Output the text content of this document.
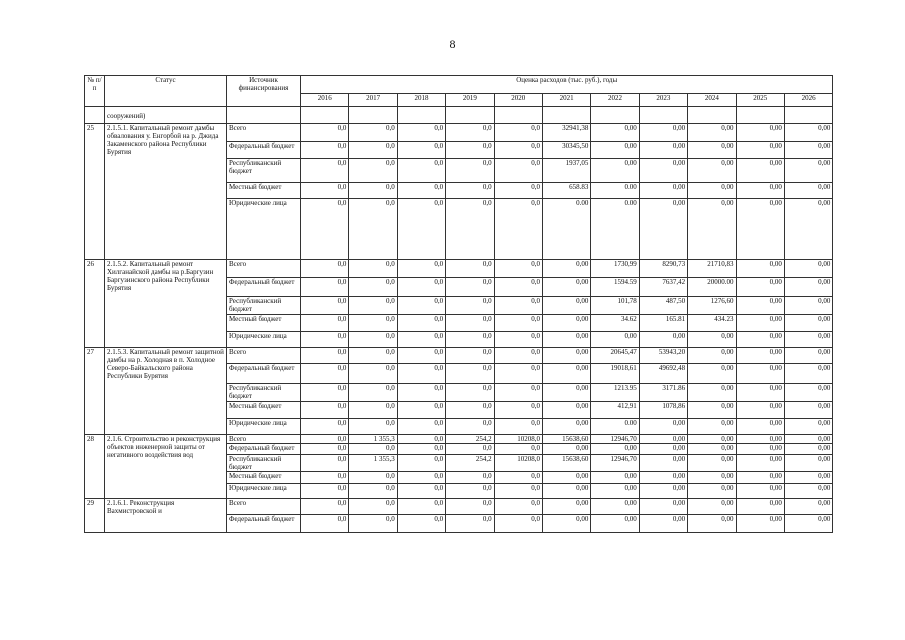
8
№ п/п	Статус	Источник финансирования	Оценка расходов (тыс. руб.), годы										
			2016	2017	2018	2019	2020	2021	2022	2023	2024	2025	2026
	сооружений)												
25	2.1.5.1. Капитальный ремонт дамбы обвалования у. Енгорбой на р. Джида Закаменского района Республики Бурятия	Всего	0,0	0,0	0,0	0,0	0,0	32941,38	0,00	0,00	0,00	0,00	0,00
		Федеральный бюджет	0,0	0,0	0,0	0,0	0,0	30345,50	0,00	0,00	0,00	0,00	0,00
		Республиканский бюджет	0,0	0,0	0,0	0,0	0,0	1937,05	0,00	0,00	0,00	0,00	0,00
		Местный бюджет	0,0	0,0	0,0	0,0	0,0	658.83	0.00	0,00	0,00	0,00	0,00
		Юридические лица	0,0	0,0	0,0	0,0	0,0	0.00	0.00	0,00	0,00	0,00	0,00
26	2.1.5.2. Капитальный ремонт Хилганайской дамбы на р.Баргузин Баргузинского района Республики Бурятия	Всего	0,0	0,0	0,0	0,0	0,0	0,00	1730,99	8290,73	21710,83	0,00	0,00
		Федеральный бюджет	0,0	0,0	0,0	0,0	0,0	0,00	1594.59	7637,42	20000.00	0,00	0,00
		Республиканский бюджет	0,0	0,0	0,0	0,0	0,0	0,00	101,78	487,50	1276,60	0,00	0,00
		Местный бюджет	0,0	0,0	0,0	0,0	0,0	0,00	34.62	165.81	434.23	0,00	0,00
		Юридические лица	0,0	0,0	0,0	0,0	0,0	0,00	0,00	0,00	0,00	0,00	0,00
27	2.1.5.3. Капитальный ремонт защитной дамбы на р. Холодная в п. Холодное Северо-Байкальского района Республики Бурятия	Всего	0,0	0,0	0,0	0,0	0,0	0,00	20645,47	53943,20	0,00	0,00	0,00
		Федеральный бюджет	0,0	0,0	0,0	0,0	0,0	0,00	19018,61	49692,48	0,00	0,00	0,00
		Республиканский бюджет	0,0	0,0	0,0	0,0	0,0	0,00	1213.95	3171.86	0,00	0,00	0,00
		Местный бюджет	0,0	0,0	0,0	0,0	0,0	0,00	412,91	1078,86	0,00	0,00	0,00
		Юридические лица	0,0	0,0	0,0	0,0	0,0	0,00	0.00	0,00	0,00	0,00	0,00
28	2.1.6. Строительство и реконструкция объектов инженерной защиты от негативного воздействия вод	Всего	0,0	1 355,3	0,0	254,2	10208,0	15638,60	12946,70	0,00	0,00	0,00	0,00
		Федеральный бюджет	0,0	0,0	0,0	0,0	0,0	0,00	0,00	0,00	0,00	0,00	0,00
		Республиканский бюджет	0,0	1 355,3	0,0	254,2	10208,0	15638,60	12946,70	0,00	0,00	0,00	0,00
		Местный бюджет	0,0	0,0	0,0	0,0	0,0	0,00	0,00	0,00	0,00	0,00	0,00
		Юридические лица	0,0	0,0	0,0	0,0	0,0	0,00	0,00	0,00	0,00	0,00	0,00
29	2.1.6.1. Реконструкция Вахмистровской и	Всего	0,0	0,0	0,0	0,0	0,0	0,00	0,00	0,00	0,00	0,00	0,00
		Федеральный бюджет	0,0	0,0	0,0	0,0	0,0	0,00	0,00	0,00	0,00	0,00	0,00
